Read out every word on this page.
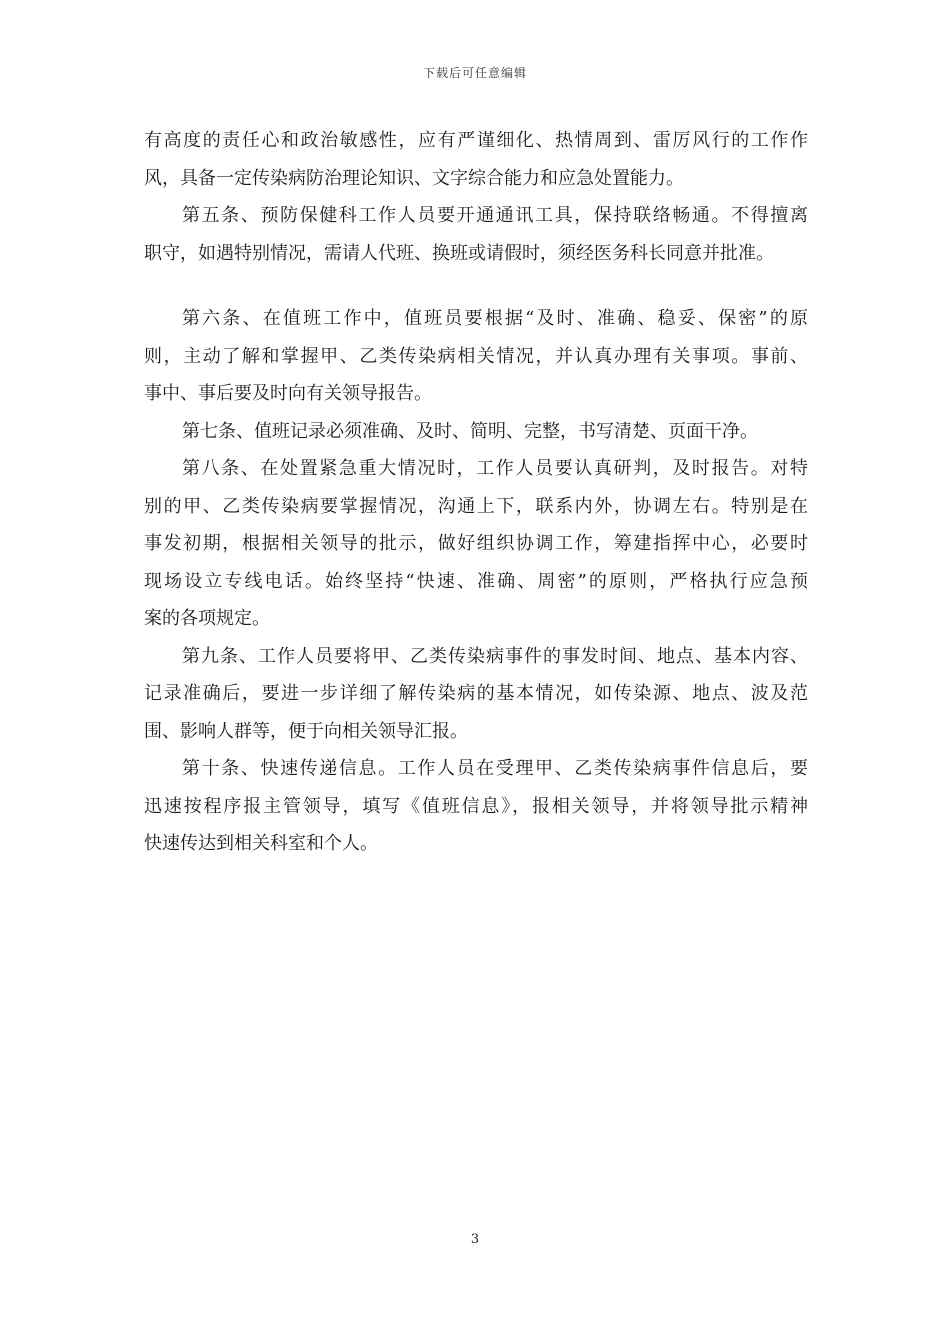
下载后可任意编辑
有高度的责任心和政治敏感性，应有严谨细化、热情周到、雷厉风行的工作作
风，具备一定传染病防治理论知识、文字综合能力和应急处置能力。
第五条、预防保健科工作人员要开通通讯工具，保持联络畅通。不得擅离
职守，如遇特别情况，需请人代班、换班或请假时，须经医务科长同意并批准。
第六条、在值班工作中，值班员要根据“及时、准确、稳妥、保密”的原
则，主动了解和掌握甲、乙类传染病相关情况，并认真办理有关事项。事前、
事中、事后要及时向有关领导报告。
第七条、值班记录必须准确、及时、简明、完整，书写清楚、页面干净。
第八条、在处置紧急重大情况时，工作人员要认真研判，及时报告。对特
别的甲、乙类传染病要掌握情况，沟通上下，联系内外，协调左右。特别是在
事发初期，根据相关领导的批示，做好组织协调工作，筹建指挥中心，必要时
现场设立专线电话。始终坚持“快速、准确、周密”的原则，严格执行应急预
案的各项规定。
第九条、工作人员要将甲、乙类传染病事件的事发时间、地点、基本内容、
记录准确后，要进一步详细了解传染病的基本情况，如传染源、地点、波及范
围、影响人群等，便于向相关领导汇报。
第十条、快速传递信息。工作人员在受理甲、乙类传染病事件信息后，要
迅速按程序报主管领导，填写《值班信息》，报相关领导，并将领导批示精神
快速传达到相关科室和个人。
3
